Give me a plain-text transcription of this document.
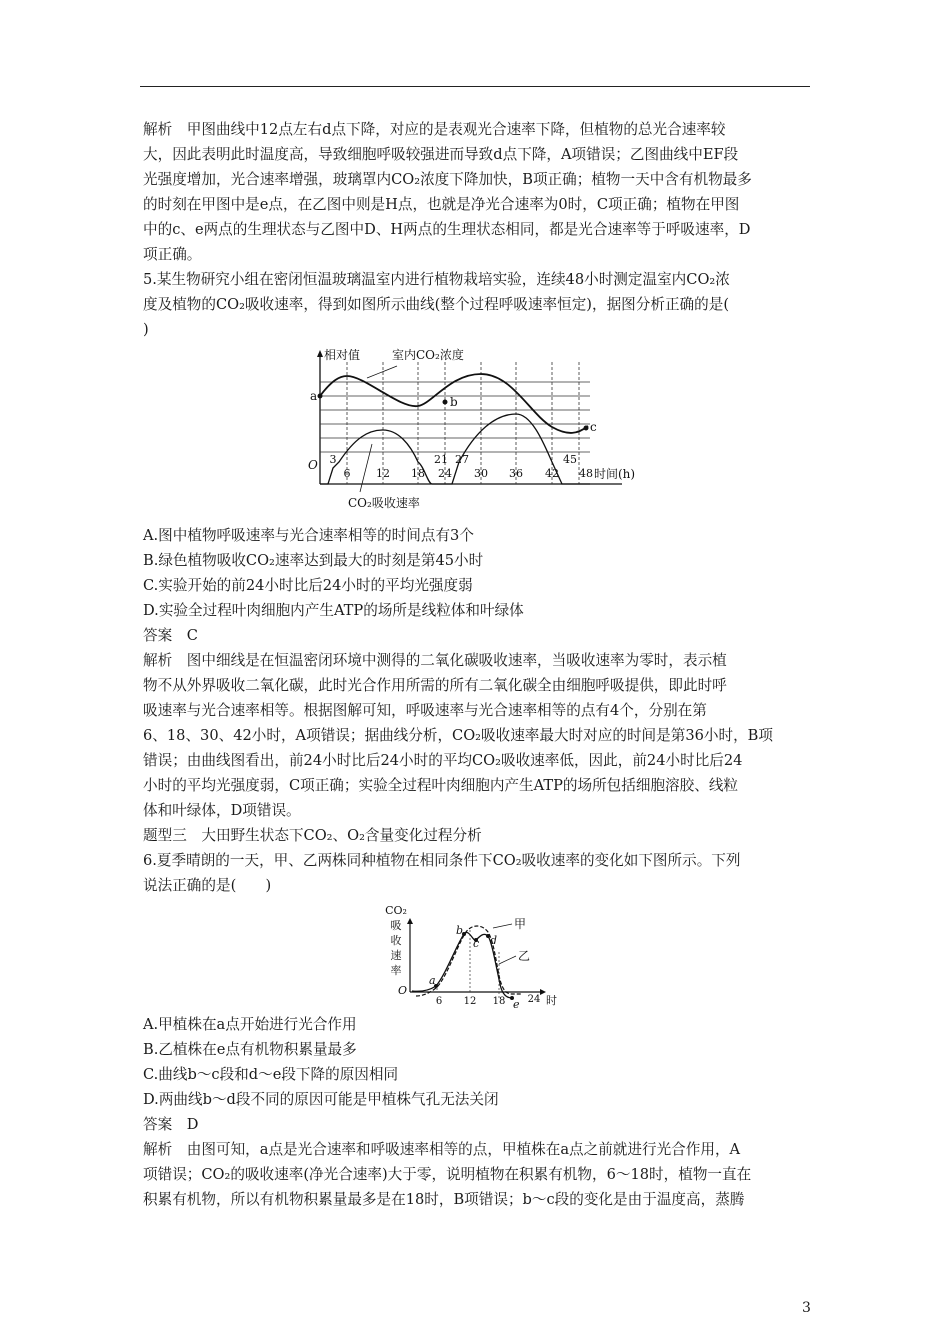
解析　甲图曲线中12点左右d点下降，对应的是表观光合速率下降，但植物的总光合速率较
大，因此表明此时温度高，导致细胞呼吸较强进而导致d点下降，A项错误；乙图曲线中EF段
光强度增加，光合速率增强，玻璃罩内CO₂浓度下降加快，B项正确；植物一天中含有机物最多
的时刻在甲图中是e点，在乙图中则是H点，也就是净光合速率为0时，C项正确；植物在甲图
中的c、e两点的生理状态与乙图中D、H两点的生理状态相同，都是光合速率等于呼吸速率，D
项正确。
5.某生物研究小组在密闭恒温玻璃温室内进行植物栽培实验，连续48小时测定温室内CO₂浓
度及植物的CO₂吸收速率，得到如图所示曲线(整个过程呼吸速率恒定)，据图分析正确的是(
)
a	b
c
相对值	室内CO₂浓度
CO₂吸收速率
O
时间(h)
6 12 18 24 30 36 42 48
3	21 27	45
A.图中植物呼吸速率与光合速率相等的时间点有3个
B.绿色植物吸收CO₂速率达到最大的时刻是第45小时
C.实验开始的前24小时比后24小时的平均光强度弱
D.实验全过程叶肉细胞内产生ATP的场所是线粒体和叶绿体
答案　C
解析　图中细线是在恒温密闭环境中测得的二氧化碳吸收速率，当吸收速率为零时，表示植
物不从外界吸收二氧化碳，此时光合作用所需的所有二氧化碳全由细胞呼吸提供，即此时呼
吸速率与光合速率相等。根据图解可知，呼吸速率与光合速率相等的点有4个，分别在第
6、18、30、42小时，A项错误；据曲线分析，CO₂吸收速率最大时对应的时间是第36小时，B项
错误；由曲线图看出，前24小时比后24小时的平均CO₂吸收速率低，因此，前24小时比后24
小时的平均光强度弱，C项正确；实验全过程叶肉细胞内产生ATP的场所包括细胞溶胶、线粒
体和叶绿体，D项错误。
题型三　大田野生状态下CO₂、O₂含量变化过程分析
6.夏季晴朗的一天，甲、乙两株同种植物在相同条件下CO₂吸收速率的变化如下图所示。下列
说法正确的是(　　)
CO₂
吸
收
速
率
a
b
c d
e
甲
乙
O
6 12 18 24 时
A.甲植株在a点开始进行光合作用
B.乙植株在e点有机物积累量最多
C.曲线b～c段和d～e段下降的原因相同
D.两曲线b～d段不同的原因可能是甲植株气孔无法关闭
答案　D
解析　由图可知，a点是光合速率和呼吸速率相等的点，甲植株在a点之前就进行光合作用，A
项错误；CO₂的吸收速率(净光合速率)大于零，说明植物在积累有机物，6～18时，植物一直在
积累有机物，所以有机物积累量最多是在18时，B项错误；b～c段的变化是由于温度高，蒸腾
3
